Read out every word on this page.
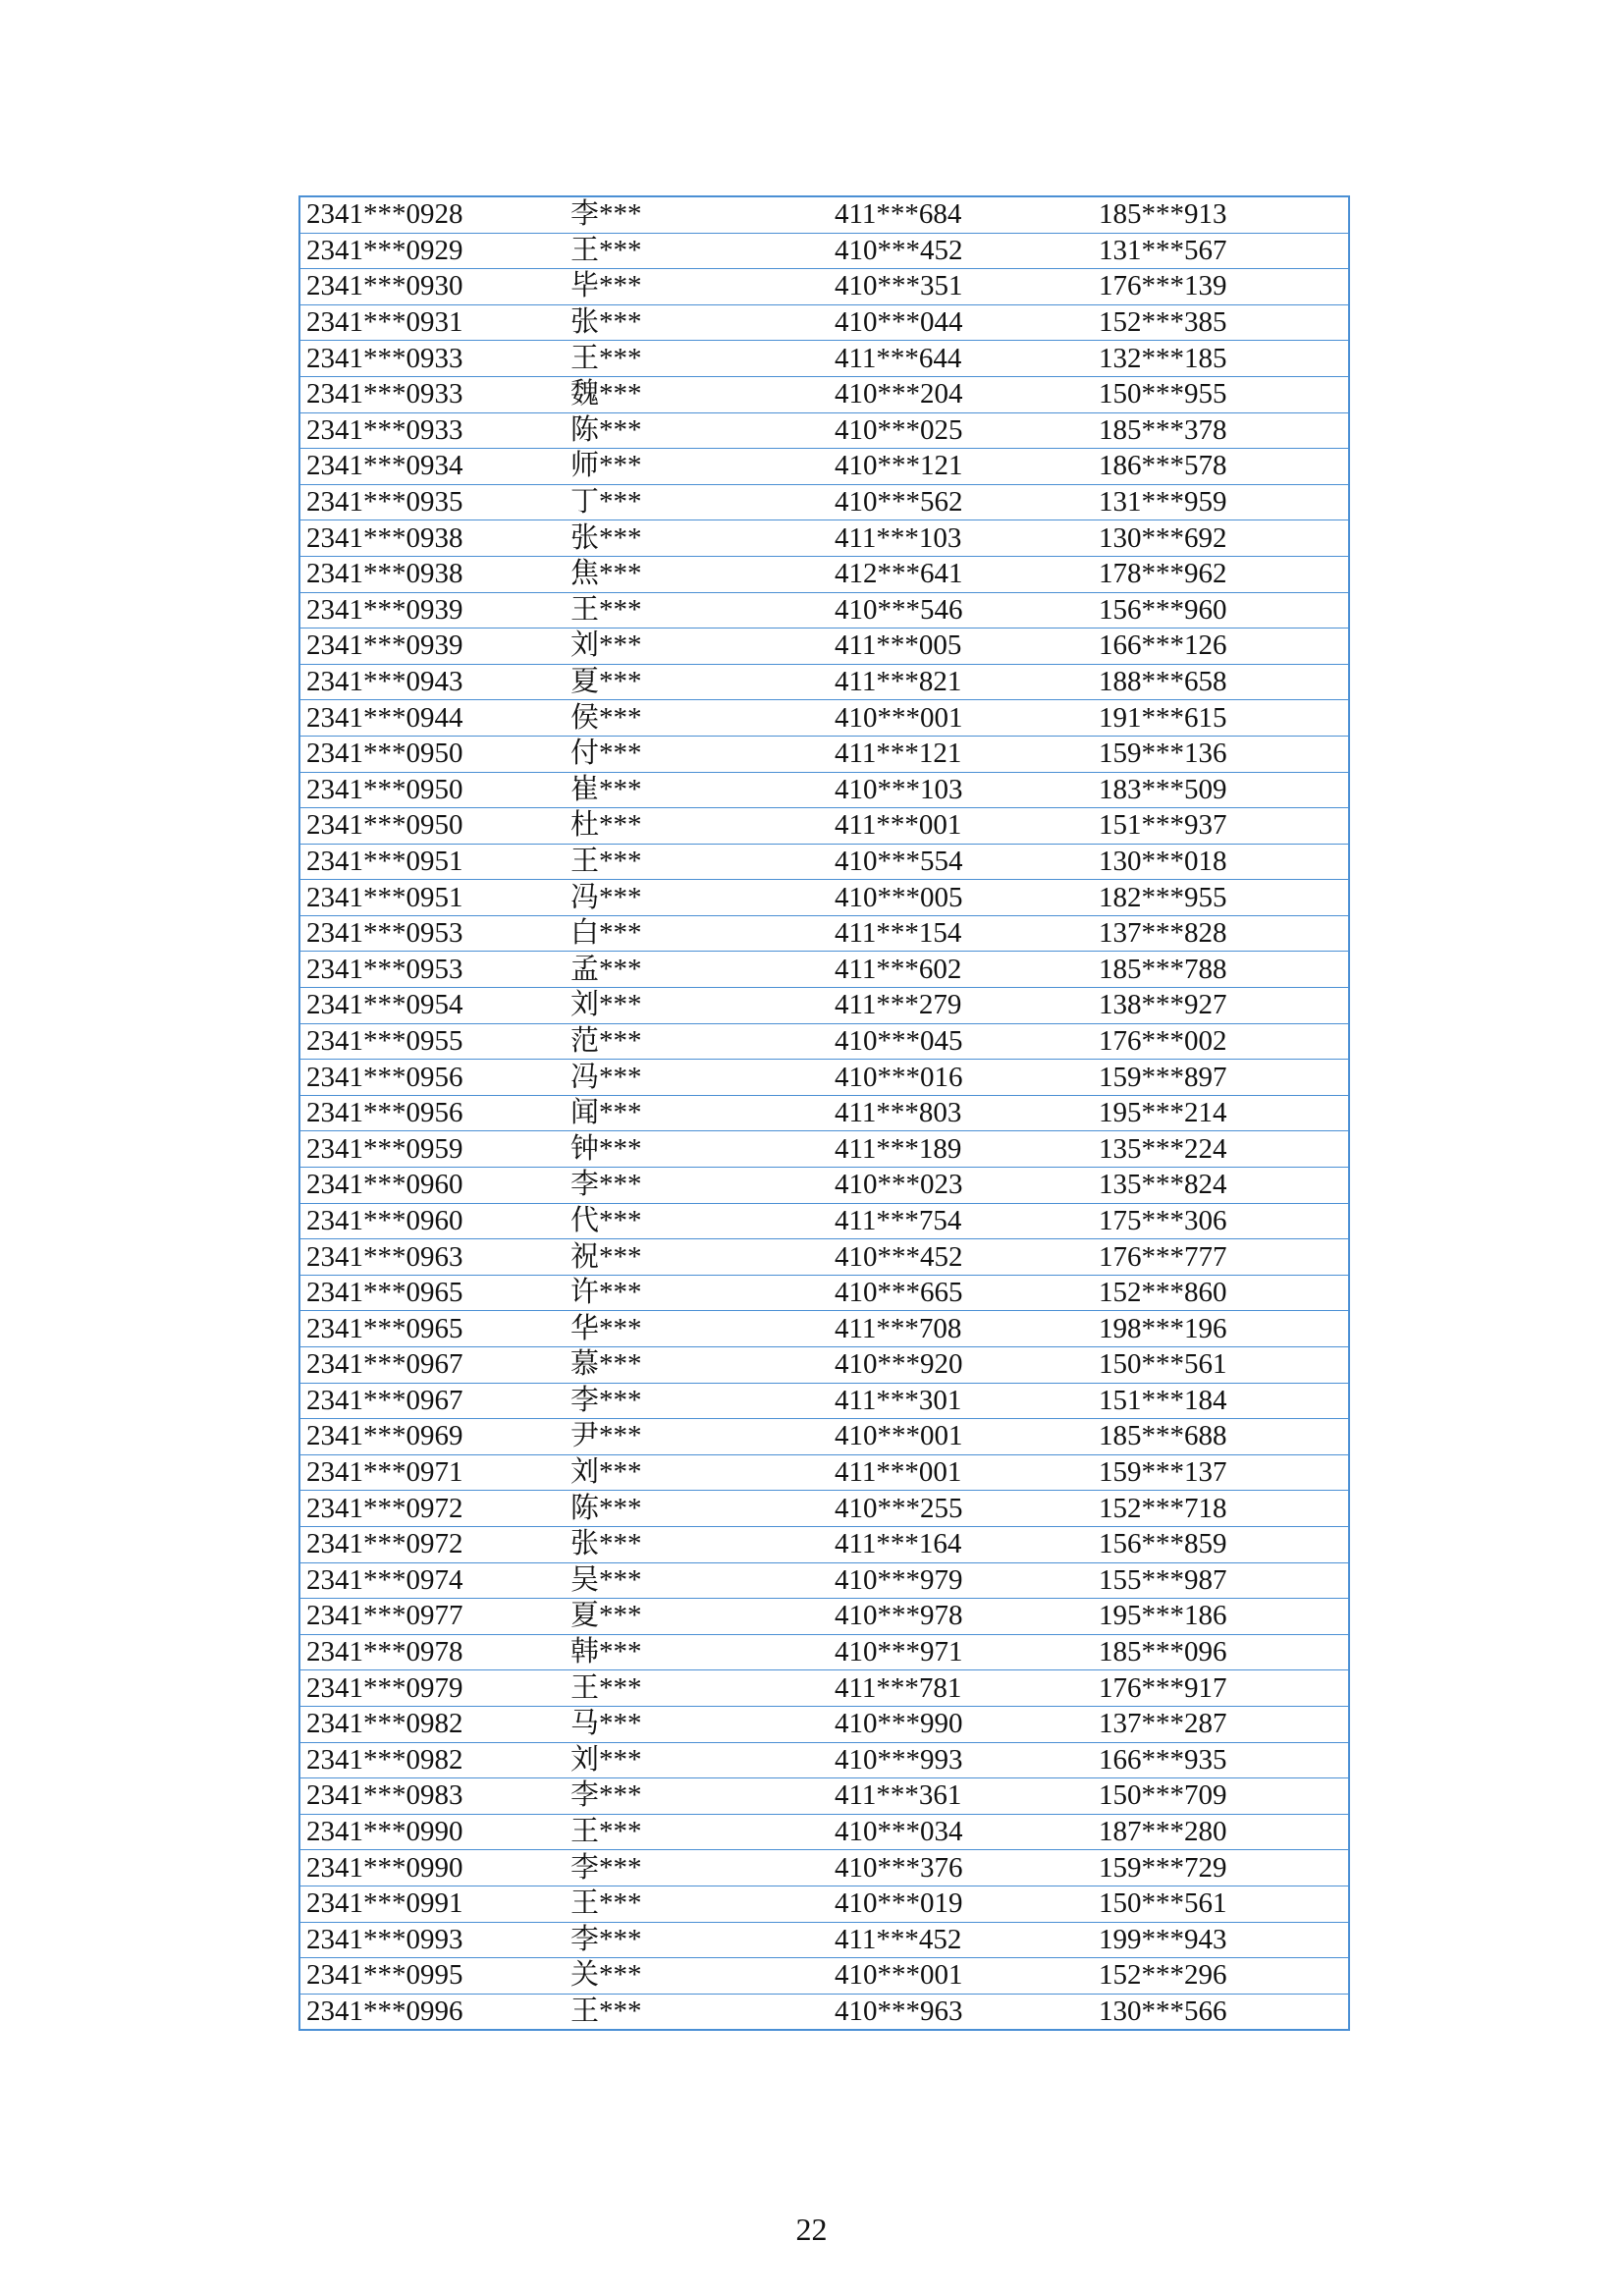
2341***0928	李***	411***684	185***913
2341***0929	王***	410***452	131***567
2341***0930	毕***	410***351	176***139
2341***0931	张***	410***044	152***385
2341***0933	王***	411***644	132***185
2341***0933	魏***	410***204	150***955
2341***0933	陈***	410***025	185***378
2341***0934	师***	410***121	186***578
2341***0935	丁***	410***562	131***959
2341***0938	张***	411***103	130***692
2341***0938	焦***	412***641	178***962
2341***0939	王***	410***546	156***960
2341***0939	刘***	411***005	166***126
2341***0943	夏***	411***821	188***658
2341***0944	侯***	410***001	191***615
2341***0950	付***	411***121	159***136
2341***0950	崔***	410***103	183***509
2341***0950	杜***	411***001	151***937
2341***0951	王***	410***554	130***018
2341***0951	冯***	410***005	182***955
2341***0953	白***	411***154	137***828
2341***0953	孟***	411***602	185***788
2341***0954	刘***	411***279	138***927
2341***0955	范***	410***045	176***002
2341***0956	冯***	410***016	159***897
2341***0956	闻***	411***803	195***214
2341***0959	钟***	411***189	135***224
2341***0960	李***	410***023	135***824
2341***0960	代***	411***754	175***306
2341***0963	祝***	410***452	176***777
2341***0965	许***	410***665	152***860
2341***0965	华***	411***708	198***196
2341***0967	慕***	410***920	150***561
2341***0967	李***	411***301	151***184
2341***0969	尹***	410***001	185***688
2341***0971	刘***	411***001	159***137
2341***0972	陈***	410***255	152***718
2341***0972	张***	411***164	156***859
2341***0974	吴***	410***979	155***987
2341***0977	夏***	410***978	195***186
2341***0978	韩***	410***971	185***096
2341***0979	王***	411***781	176***917
2341***0982	马***	410***990	137***287
2341***0982	刘***	410***993	166***935
2341***0983	李***	411***361	150***709
2341***0990	王***	410***034	187***280
2341***0990	李***	410***376	159***729
2341***0991	王***	410***019	150***561
2341***0993	李***	411***452	199***943
2341***0995	关***	410***001	152***296
2341***0996	王***	410***963	130***566
22
